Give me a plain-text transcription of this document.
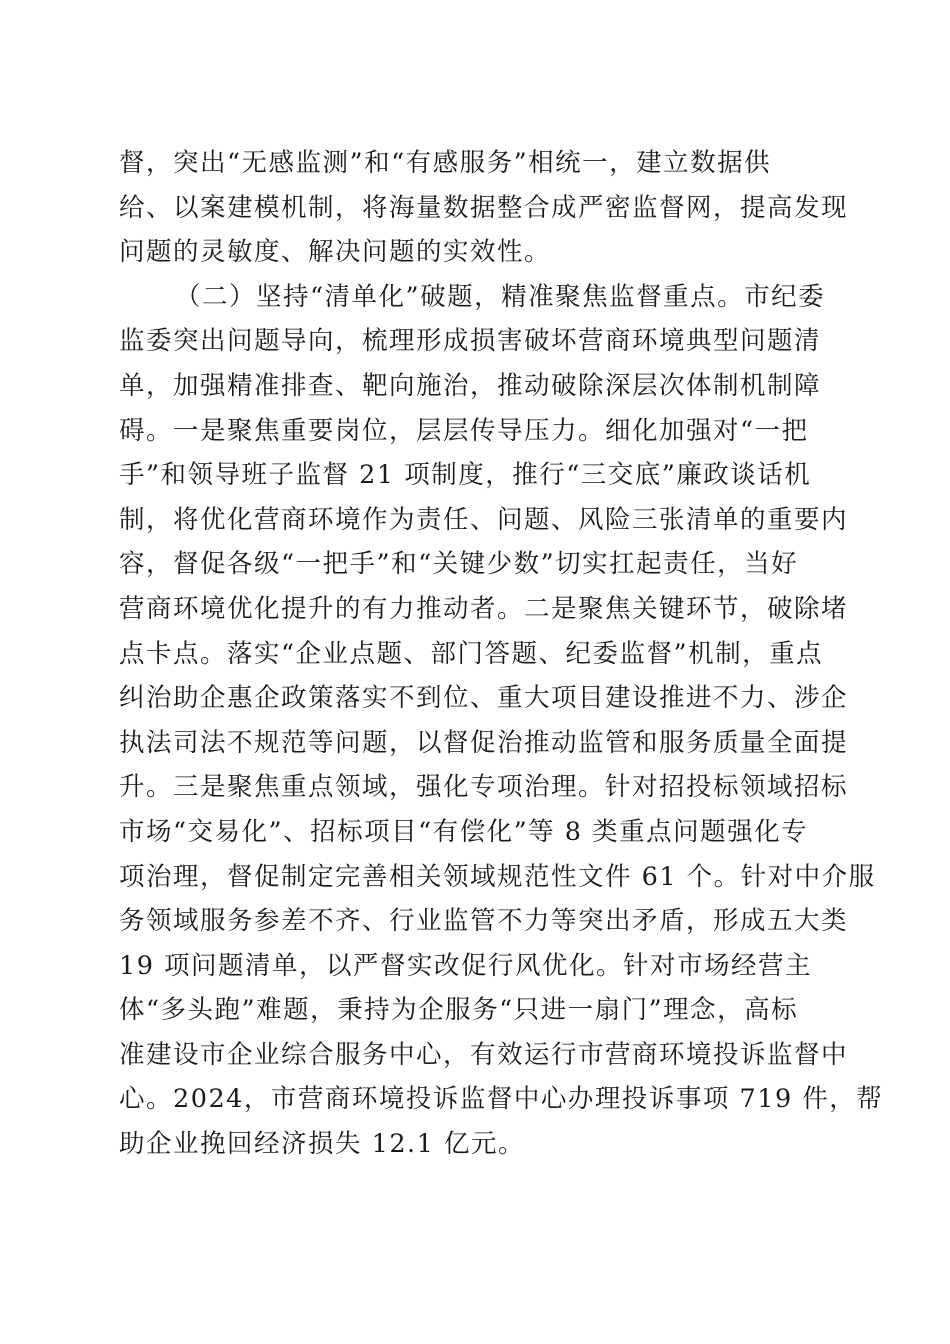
督，突出“无感监测”和“有感服务”相统一，建立数据供
给、以案建模机制，将海量数据整合成严密监督网，提高发现
问题的灵敏度、解决问题的实效性。
（二）坚持“清单化”破题，精准聚焦监督重点。市纪委
监委突出问题导向，梳理形成损害破坏营商环境典型问题清
单，加强精准排查、靶向施治，推动破除深层次体制机制障
碍。一是聚焦重要岗位，层层传导压力。细化加强对“一把
手”和领导班子监督 21 项制度，推行“三交底”廉政谈话机
制，将优化营商环境作为责任、问题、风险三张清单的重要内
容，督促各级“一把手”和“关键少数”切实扛起责任，当好
营商环境优化提升的有力推动者。二是聚焦关键环节，破除堵
点卡点。落实“企业点题、部门答题、纪委监督”机制，重点
纠治助企惠企政策落实不到位、重大项目建设推进不力、涉企
执法司法不规范等问题，以督促治推动监管和服务质量全面提
升。三是聚焦重点领域，强化专项治理。针对招投标领域招标
市场“交易化”、招标项目“有偿化”等 8 类重点问题强化专
项治理，督促制定完善相关领域规范性文件 61 个。针对中介服
务领域服务参差不齐、行业监管不力等突出矛盾，形成五大类
19 项问题清单，以严督实改促行风优化。针对市场经营主
体“多头跑”难题，秉持为企服务“只进一扇门”理念，高标
准建设市企业综合服务中心，有效运行市营商环境投诉监督中
心。2024，市营商环境投诉监督中心办理投诉事项 719 件，帮
助企业挽回经济损失 12.1 亿元。
